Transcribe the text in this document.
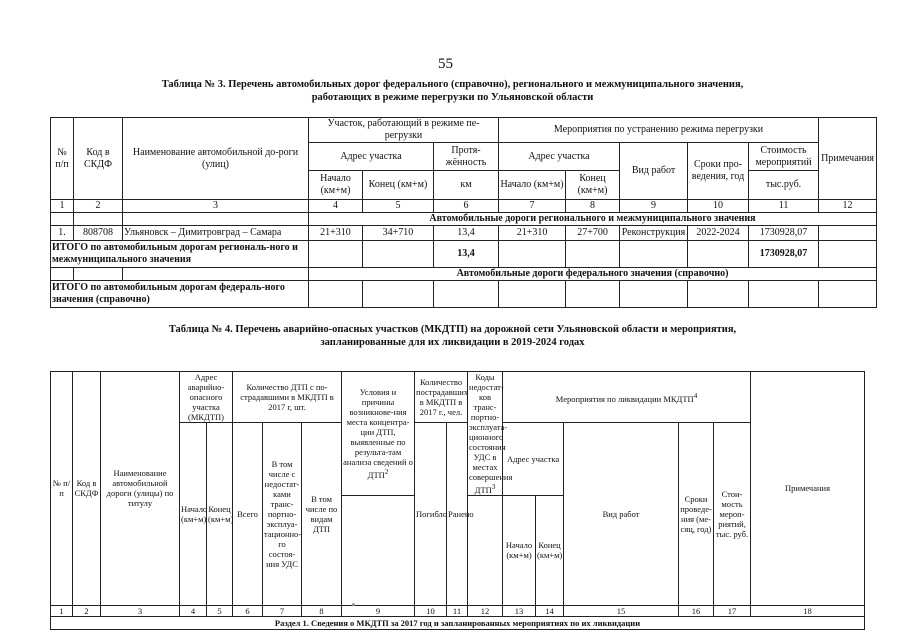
55
Таблица № 3. Перечень автомобильных дорог федерального (справочно), регионального и межмуниципального значения,
работающих в режиме перегрузки по Ульяновской области
№ п/п	Код в СКДФ	Наименование автомобильной до-роги (улиц)	Участок, работающий в режиме пе-регрузки			Мероприятия по устранению режима перегрузки					Примечания
			Адрес участка		Протя-жённость	Адрес участка		Вид работ	Сроки про-ведения, год	Стоимость мероприятий	
			Начало (км+м)	Конец (км+м)	км	Начало (км+м)	Конец (км+м)			тыс.руб.	
1	2	3	4	5	6	7	8	9	10	11	12
			Автомобильные дороги регионального и межмуниципального значения								
1.	808708	Ульяновск – Димитровград – Самара	21+310	34+710	13,4	21+310	27+700	Реконструкция	2022-2024	1730928,07	
ИТОГО по автомобильным дорогам региональ-ного и межмуниципального значения					13,4					1730928,07	
			Автомобильные дороги федерального значения (справочно)								
ИТОГО по автомобильным дорогам федераль-ного значения (справочно)											
Таблица № 4. Перечень аварийно-опасных участков (МКДТП) на дорожной сети Ульяновской области и мероприятия,
запланированные для их ликвидации в 2019-2024 годах
№ п/п	Код в СКДФ	Наименование автомобильной дороги (улицы) по титулу	Адрес аварийно-опасного участка (МКДТП)		Количество ДТП с по-страдавшими в МКДТП в 2017 г, шт.			Условия и причины возникнове-ния места концентра-ции ДТП, выявленные по результа-там анализа сведений о ДТП$^2$	Количество пострадавших в МКДТП в 2017 г., чел.		Коды недостат-ков транс-портно-эксплуата-ционного состояния УДС в местах совершения ДТП$^3$	Мероприятия по ликвидации МКДТП$^4$					Примечания
			Начало (км+м)	Конец (км+м)	Всего	В том числе с недостат-ками транс-портно-эксплуа-тационно-го состоя-ния УДС	В том числе по видам ДТП		Погибло	Ранено		Адрес участка		Вид работ	Сроки проведе-ния (ме-сяц, год)	Стои-мость мероп-риятий, тыс. руб.	
												Начало (км+м)	Конец (км+м)				
1	2	3	4	5	6	7	8	9	10	11	12	13	14	15	16	17	18
Раздел 1. Сведения о МКДТП за 2017 год и запланированных мероприятиях по их ликвидации																	
